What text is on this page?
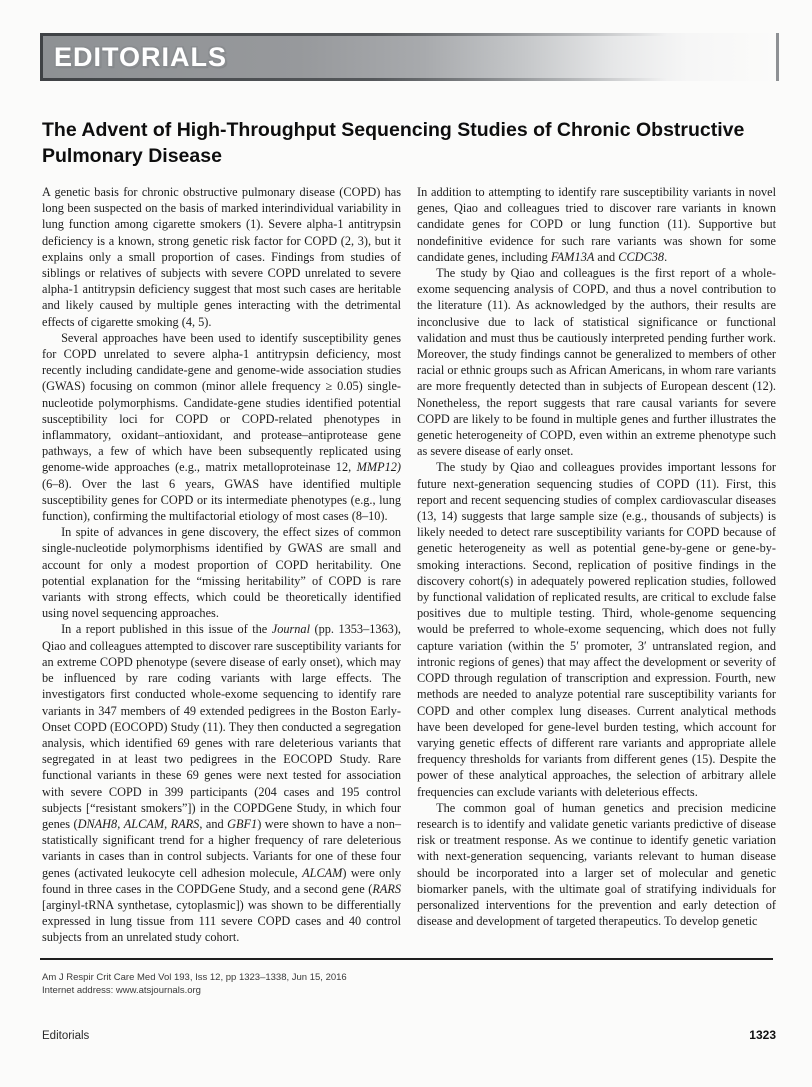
EDITORIALS
The Advent of High-Throughput Sequencing Studies of Chronic Obstructive Pulmonary Disease

A genetic basis for chronic obstructive pulmonary disease (COPD) has long been suspected on the basis of marked interindividual variability in lung function among cigarette smokers (1). Severe alpha-1 antitrypsin deficiency is a known, strong genetic risk factor for COPD (2, 3), but it explains only a small proportion of cases. Findings from studies of siblings or relatives of subjects with severe COPD unrelated to severe alpha-1 antitrypsin deficiency suggest that most such cases are heritable and likely caused by multiple genes interacting with the detrimental effects of cigarette smoking (4, 5).

Several approaches have been used to identify susceptibility genes for COPD unrelated to severe alpha-1 antitrypsin deficiency, most recently including candidate-gene and genome-wide association studies (GWAS) focusing on common (minor allele frequency ≥ 0.05) single-nucleotide polymorphisms. Candidate-gene studies identified potential susceptibility loci for COPD or COPD-related phenotypes in inflammatory, oxidant–antioxidant, and protease–antiprotease gene pathways, a few of which have been subsequently replicated using genome-wide approaches (e.g., matrix metalloproteinase 12, MMP12) (6–8). Over the last 6 years, GWAS have identified multiple susceptibility genes for COPD or its intermediate phenotypes (e.g., lung function), confirming the multifactorial etiology of most cases (8–10).

In spite of advances in gene discovery, the effect sizes of common single-nucleotide polymorphisms identified by GWAS are small and account for only a modest proportion of COPD heritability. One potential explanation for the “missing heritability” of COPD is rare variants with strong effects, which could be theoretically identified using novel sequencing approaches.

In a report published in this issue of the Journal (pp. 1353–1363), Qiao and colleagues attempted to discover rare susceptibility variants for an extreme COPD phenotype (severe disease of early onset), which may be influenced by rare coding variants with large effects. The investigators first conducted whole-exome sequencing to identify rare variants in 347 members of 49 extended pedigrees in the Boston Early-Onset COPD (EOCOPD) Study (11). They then conducted a segregation analysis, which identified 69 genes with rare deleterious variants that segregated in at least two pedigrees in the EOCOPD Study. Rare functional variants in these 69 genes were next tested for association with severe COPD in 399 participants (204 cases and 195 control subjects [“resistant smokers”]) in the COPDGene Study, in which four genes (DNAH8, ALCAM, RARS, and GBF1) were shown to have a non–statistically significant trend for a higher frequency of rare deleterious variants in cases than in control subjects. Variants for one of these four genes (activated leukocyte cell adhesion molecule, ALCAM) were only found in three cases in the COPDGene Study, and a second gene (RARS [arginyl-tRNA synthetase, cytoplasmic]) was shown to be differentially expressed in lung tissue from 111 severe COPD cases and 40 control subjects from an unrelated study cohort.

In addition to attempting to identify rare susceptibility variants in novel genes, Qiao and colleagues tried to discover rare variants in known candidate genes for COPD or lung function (11). Supportive but nondefinitive evidence for such rare variants was shown for some candidate genes, including FAM13A and CCDC38.

The study by Qiao and colleagues is the first report of a whole-exome sequencing analysis of COPD, and thus a novel contribution to the literature (11). As acknowledged by the authors, their results are inconclusive due to lack of statistical significance or functional validation and must thus be cautiously interpreted pending further work. Moreover, the study findings cannot be generalized to members of other racial or ethnic groups such as African Americans, in whom rare variants are more frequently detected than in subjects of European descent (12). Nonetheless, the report suggests that rare causal variants for severe COPD are likely to be found in multiple genes and further illustrates the genetic heterogeneity of COPD, even within an extreme phenotype such as severe disease of early onset.

The study by Qiao and colleagues provides important lessons for future next-generation sequencing studies of COPD (11). First, this report and recent sequencing studies of complex cardiovascular diseases (13, 14) suggests that large sample size (e.g., thousands of subjects) is likely needed to detect rare susceptibility variants for COPD because of genetic heterogeneity as well as potential gene-by-gene or gene-by-smoking interactions. Second, replication of positive findings in the discovery cohort(s) in adequately powered replication studies, followed by functional validation of replicated results, are critical to exclude false positives due to multiple testing. Third, whole-genome sequencing would be preferred to whole-exome sequencing, which does not fully capture variation (within the 5′ promoter, 3′ untranslated region, and intronic regions of genes) that may affect the development or severity of COPD through regulation of transcription and expression. Fourth, new methods are needed to analyze potential rare susceptibility variants for COPD and other complex lung diseases. Current analytical methods have been developed for gene-level burden testing, which account for varying genetic effects of different rare variants and appropriate allele frequency thresholds for variants from different genes (15). Despite the power of these analytical approaches, the selection of arbitrary allele frequencies can exclude variants with deleterious effects.

The common goal of human genetics and precision medicine research is to identify and validate genetic variants predictive of disease risk or treatment response. As we continue to identify genetic variation with next-generation sequencing, variants relevant to human disease should be incorporated into a larger set of molecular and genetic biomarker panels, with the ultimate goal of stratifying individuals for personalized interventions for the prevention and early detection of disease and development of targeted therapeutics. To develop genetic

Am J Respir Crit Care Med Vol 193, Iss 12, pp 1323–1338, Jun 15, 2016
Internet address: www.atsjournals.org
Editorials	1323
